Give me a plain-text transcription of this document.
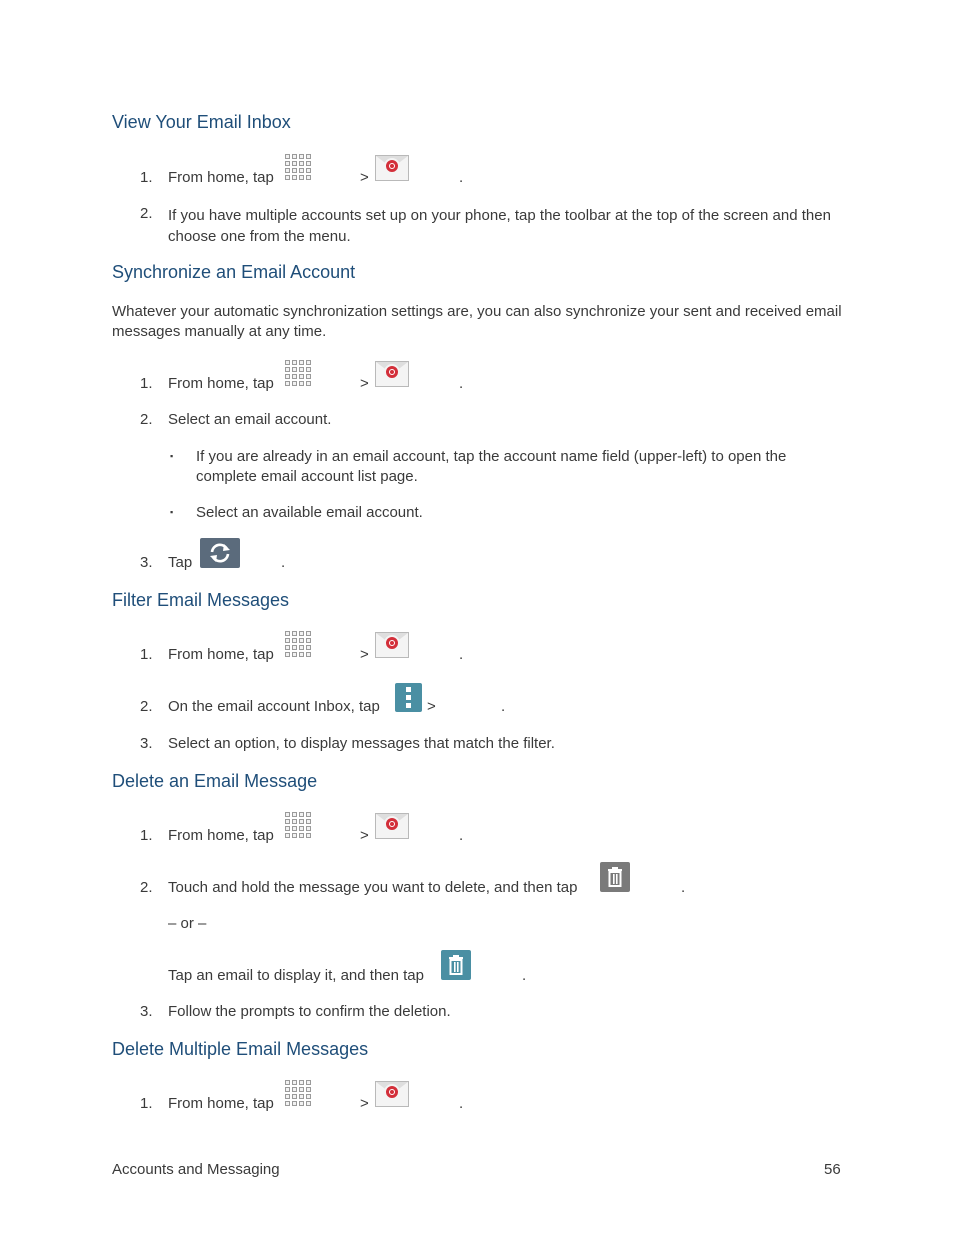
View Your Email Inbox
1. From home, tap	>	.
2. If you have multiple accounts set up on your phone, tap the toolbar at the top of the screen and then choose one from the menu.
Synchronize an Email Account
Whatever your automatic synchronization settings are, you can also synchronize your sent and received email messages manually at any time.
1. From home, tap	>	.
2. Select an email account.
▪ If you are already in an email account, tap the account name field (upper-left) to open the complete email account list page.
▪ Select an available email account.
3. Tap	.
Filter Email Messages
1. From home, tap	>	.
2. On the email account Inbox, tap	>	.
3. Select an option, to display messages that match the filter.
Delete an Email Message
1. From home, tap	>	.
2. Touch and hold the message you want to delete, and then tap	.
– or –
Tap an email to display it, and then tap	.
3. Follow the prompts to confirm the deletion.
Delete Multiple Email Messages
1. From home, tap	>	.
Accounts and Messaging	56
